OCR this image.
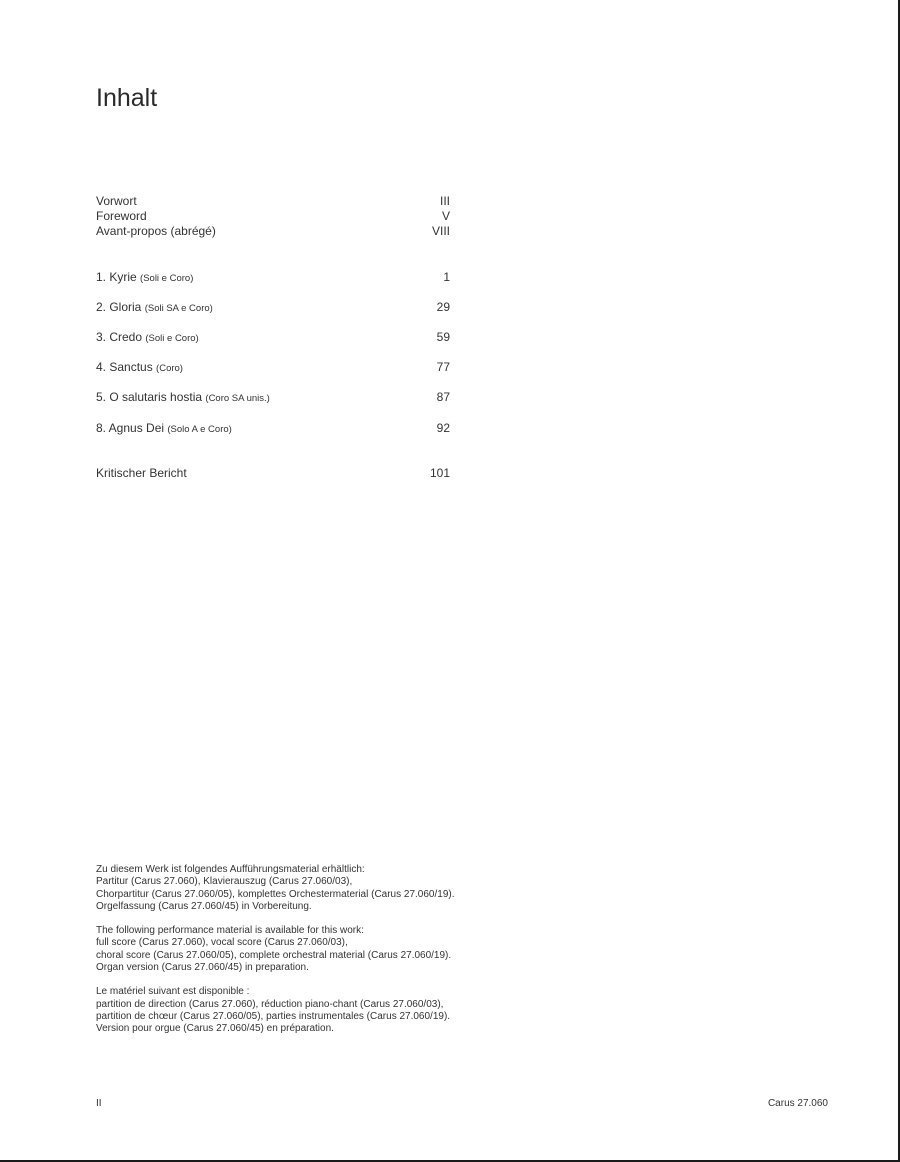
Inhalt
Vorwort	III
Foreword	V
Avant-propos (abrégé)	VIII
1. Kyrie (Soli e Coro)	1
2. Gloria (Soli SA e Coro)	29
3. Credo (Soli e Coro)	59
4. Sanctus (Coro)	77
5. O salutaris hostia (Coro SA unis.)	87
8. Agnus Dei (Solo A e Coro)	92
Kritischer Bericht	101
Zu diesem Werk ist folgendes Aufführungsmaterial erhältlich:
Partitur (Carus 27.060), Klavierauszug (Carus 27.060/03),
Chorpartitur (Carus 27.060/05), komplettes Orchestermaterial (Carus 27.060/19).
Orgelfassung (Carus 27.060/45) in Vorbereitung.
The following performance material is available for this work:
full score (Carus 27.060), vocal score (Carus 27.060/03),
choral score (Carus 27.060/05), complete orchestral material (Carus 27.060/19).
Organ version (Carus 27.060/45) in preparation.
Le matériel suivant est disponible :
partition de direction (Carus 27.060), réduction piano-chant (Carus 27.060/03),
partition de chœur (Carus 27.060/05), parties instrumentales (Carus 27.060/19).
Version pour orgue (Carus 27.060/45) en préparation.
II	Carus 27.060
